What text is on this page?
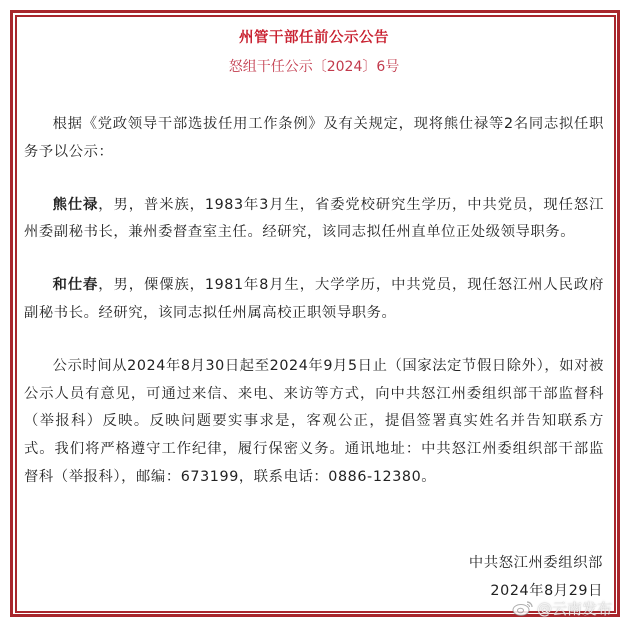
州管干部任前公示公告

怒组干任公示〔2024〕6号

根据《党政领导干部选拔任用工作条例》及有关规定，现将熊仕禄等2名同志拟任职务予以公示：

熊仕禄，男，普米族，1983年3月生，省委党校研究生学历，中共党员，现任怒江州委副秘书长，兼州委督查室主任。经研究，该同志拟任州直单位正处级领导职务。

和仕春，男，傈僳族，1981年8月生，大学学历，中共党员，现任怒江州人民政府副秘书长。经研究，该同志拟任州属高校正职领导职务。

公示时间从2024年8月30日起至2024年9月5日止（国家法定节假日除外），如对被公示人员有意见，可通过来信、来电、来访等方式，向中共怒江州委组织部干部监督科（举报科）反映。反映问题要实事求是，客观公正，提倡签署真实姓名并告知联系方式。我们将严格遵守工作纪律，履行保密义务。通讯地址：中共怒江州委组织部干部监督科（举报科），邮编：673199，联系电话：0886-12380。

中共怒江州委组织部
2024年8月29日
@云南发布
